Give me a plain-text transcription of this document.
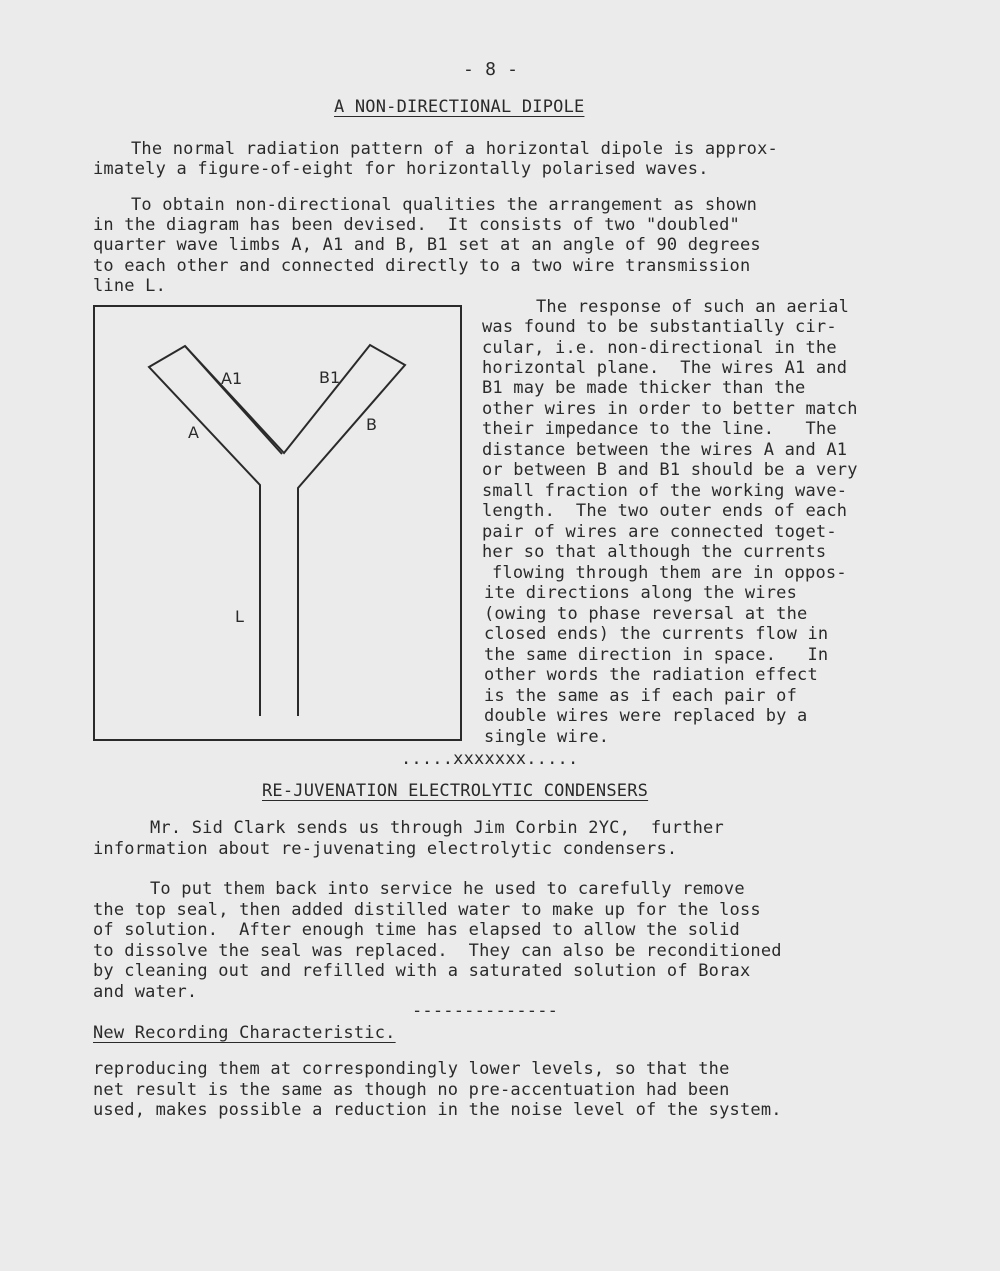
- 8 -

A NON-DIRECTIONAL DIPOLE

The normal radiation pattern of a horizontal dipole is approx-

imately a figure-of-eight for horizontally polarised waves.

To obtain non-directional qualities the arrangement as shown

in the diagram has been devised.  It consists of two "doubled"

quarter wave limbs A, A1 and B, B1 set at an angle of 90 degrees

to each other and connected directly to a two wire transmission

line L.

A1	B1
A	B
L

The response of such an aerial

was found to be substantially cir-

cular, i.e. non-directional in the

horizontal plane.  The wires A1 and

B1 may be made thicker than the

other wires in order to better match

their impedance to the line.   The

distance between the wires A and A1

or between B and B1 should be a very

small fraction of the working wave-

length.  The two outer ends of each

pair of wires are connected toget-

her so that although the currents

flowing through them are in oppos-

ite directions along the wires

(owing to phase reversal at the

closed ends) the currents flow in

the same direction in space.   In

other words the radiation effect

is the same as if each pair of

double wires were replaced by a

single wire.

.....xxxxxxx.....

RE-JUVENATION ELECTROLYTIC CONDENSERS

Mr. Sid Clark sends us through Jim Corbin 2YC,  further

information about re-juvenating electrolytic condensers.

To put them back into service he used to carefully remove

the top seal, then added distilled water to make up for the loss

of solution.  After enough time has elapsed to allow the solid

to dissolve the seal was replaced.  They can also be reconditioned

by cleaning out and refilled with a saturated solution of Borax

and water.

--------------

New Recording Characteristic.

reproducing them at correspondingly lower levels, so that the

net result is the same as though no pre-accentuation had been

used, makes possible a reduction in the noise level of the system.
